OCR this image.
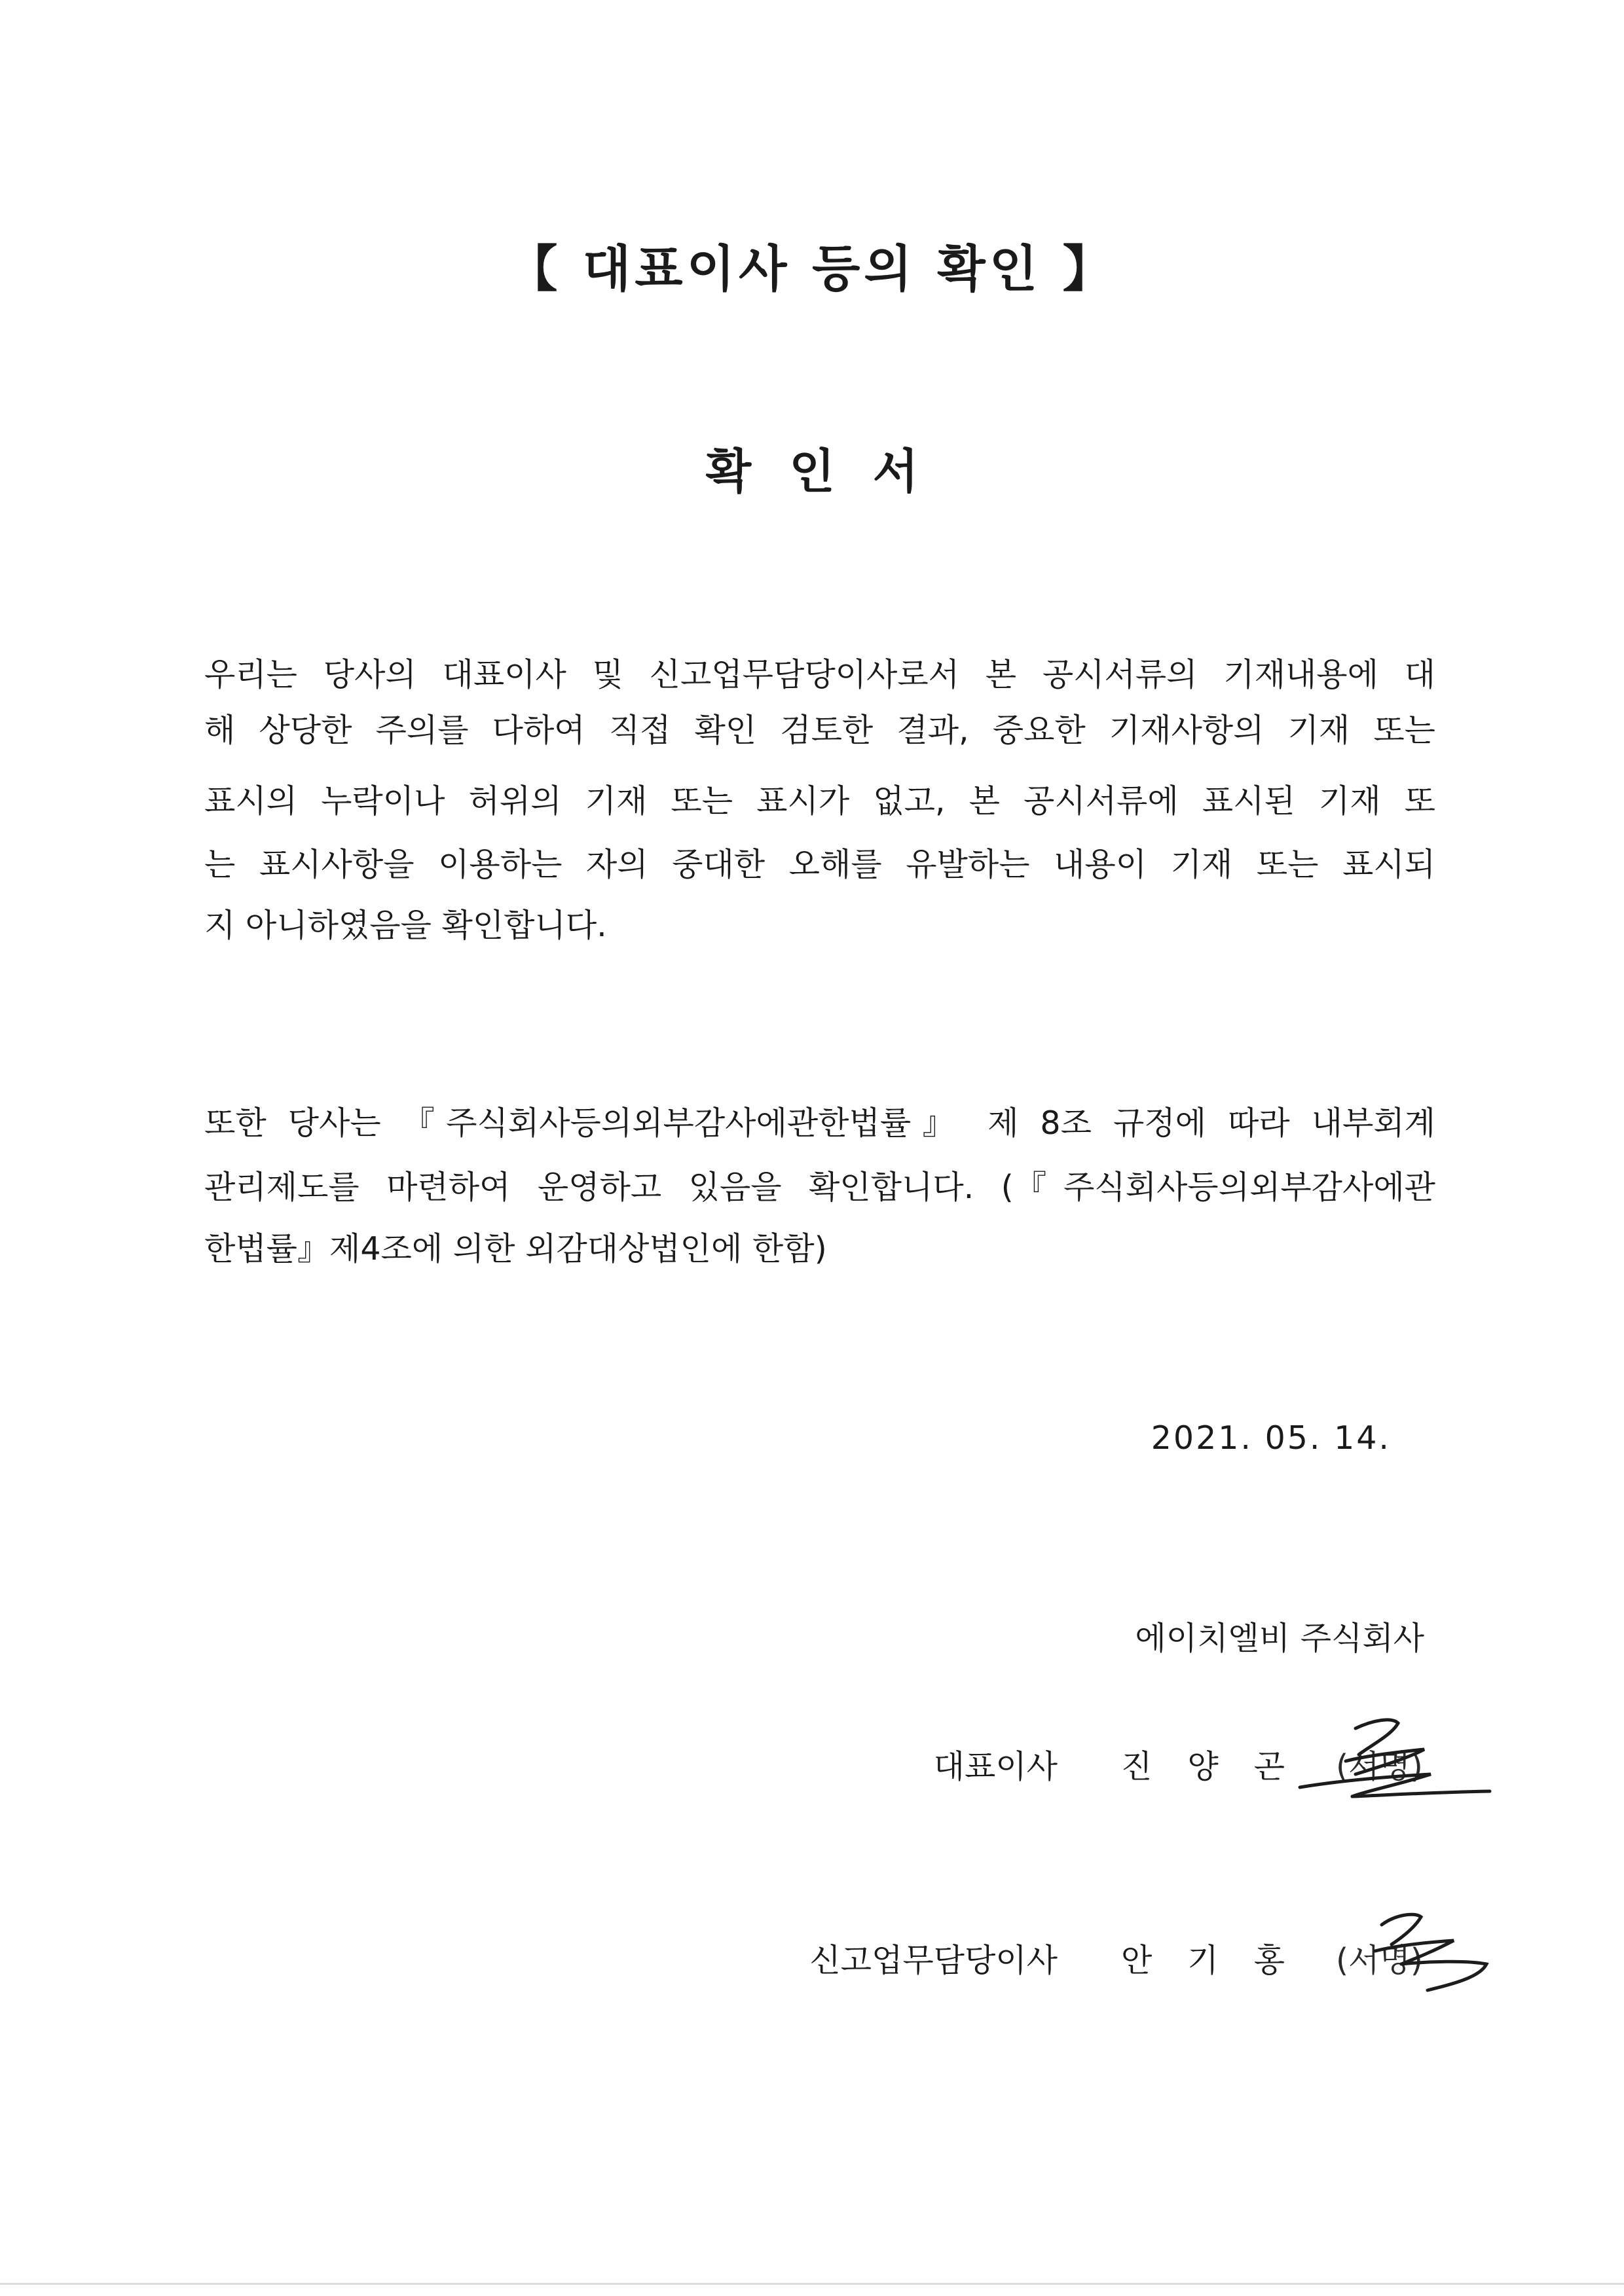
【 대표이사 등의 확인 】
확인서

우리는 당사의 대표이사 및 신고업무담당이사로서 본 공시서류의 기재내용에 대

해 상당한 주의를 다하여 직접 확인 검토한 결과, 중요한 기재사항의 기재 또는

표시의 누락이나 허위의 기재 또는 표시가 없고, 본 공시서류에 표시된 기재 또

는 표시사항을 이용하는 자의 중대한 오해를 유발하는 내용이 기재 또는 표시되

지 아니하였음을 확인합니다.

또한 당사는 『주식회사등의외부감사에관한법률』 제 8조 규정에 따라 내부회계

관리제도를 마련하여 운영하고 있음을 확인합니다. (『주식회사등의외부감사에관

한법률』제4조에 의한 외감대상법인에 한함)

2021. 05. 14.

에이치엘비 주식회사

대표이사 진양곤 (서명)
신고업무담당이사 안기홍 (서명)
